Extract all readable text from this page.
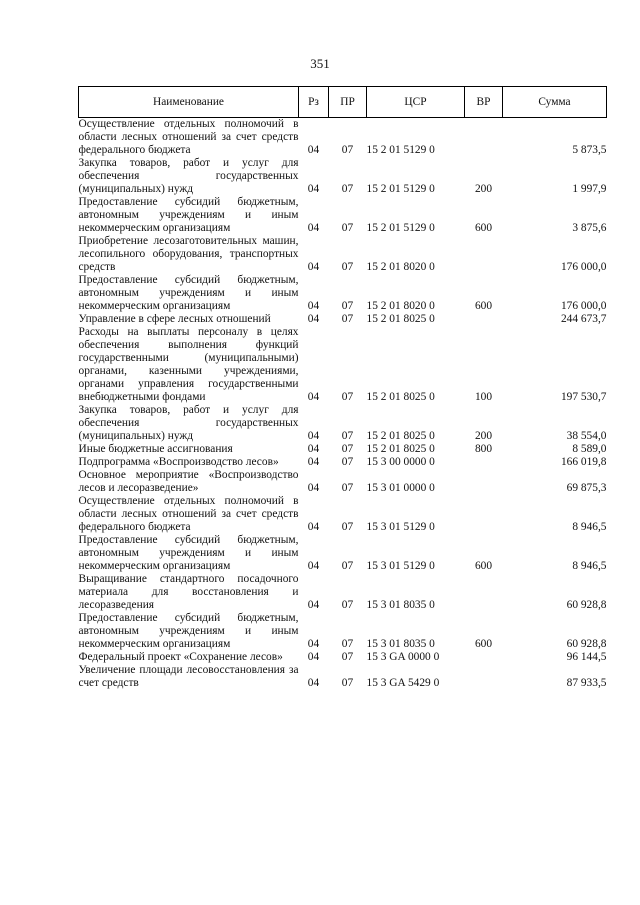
351
Наименование	Рз	ПР	ЦСР	ВР	Сумма

Осуществление отдельных полномочий в области лесных отношений за счет средств федерального бюджета	04	07	15 2 01 5129 0		5 873,5

Закупка товаров, работ и услуг для обеспечения государственных (муниципальных) нужд	04	07	15 2 01 5129 0	200	1 997,9

Предоставление субсидий бюджетным, автономным учреждениям и иным некоммерческим организациям	04	07	15 2 01 5129 0	600	3 875,6

Приобретение лесозаготовительных машин, лесопильного оборудования, транспортных средств	04	07	15 2 01 8020 0		176 000,0

Предоставление субсидий бюджетным, автономным учреждениям и иным некоммерческим организациям	04	07	15 2 01 8020 0	600	176 000,0

Управление в сфере лесных отношений	04	07	15 2 01 8025 0		244 673,7

Расходы на выплаты персоналу в целях обеспечения выполнения функций государственными (муниципальными) органами, казенными учреждениями, органами управления государственными внебюджетными фондами	04	07	15 2 01 8025 0	100	197 530,7

Закупка товаров, работ и услуг для обеспечения государственных (муниципальных) нужд	04	07	15 2 01 8025 0	200	38 554,0

Иные бюджетные ассигнования	04	07	15 2 01 8025 0	800	8 589,0

Подпрограмма «Воспроизводство лесов»	04	07	15 3 00 0000 0		166 019,8

Основное мероприятие «Воспроизводство лесов и лесоразведение»	04	07	15 3 01 0000 0		69 875,3

Осуществление отдельных полномочий в области лесных отношений за счет средств федерального бюджета	04	07	15 3 01 5129 0		8 946,5

Предоставление субсидий бюджетным, автономным учреждениям и иным некоммерческим организациям	04	07	15 3 01 5129 0	600	8 946,5

Выращивание стандартного посадочного материала для восстановления и лесоразведения	04	07	15 3 01 8035 0		60 928,8

Предоставление субсидий бюджетным, автономным учреждениям и иным некоммерческим организациям	04	07	15 3 01 8035 0	600	60 928,8

Федеральный проект «Сохранение лесов»	04	07	15 3 GA 0000 0		96 144,5

Увеличение площади лесовосстановления за счет средств	04	07	15 3 GA 5429 0		87 933,5
